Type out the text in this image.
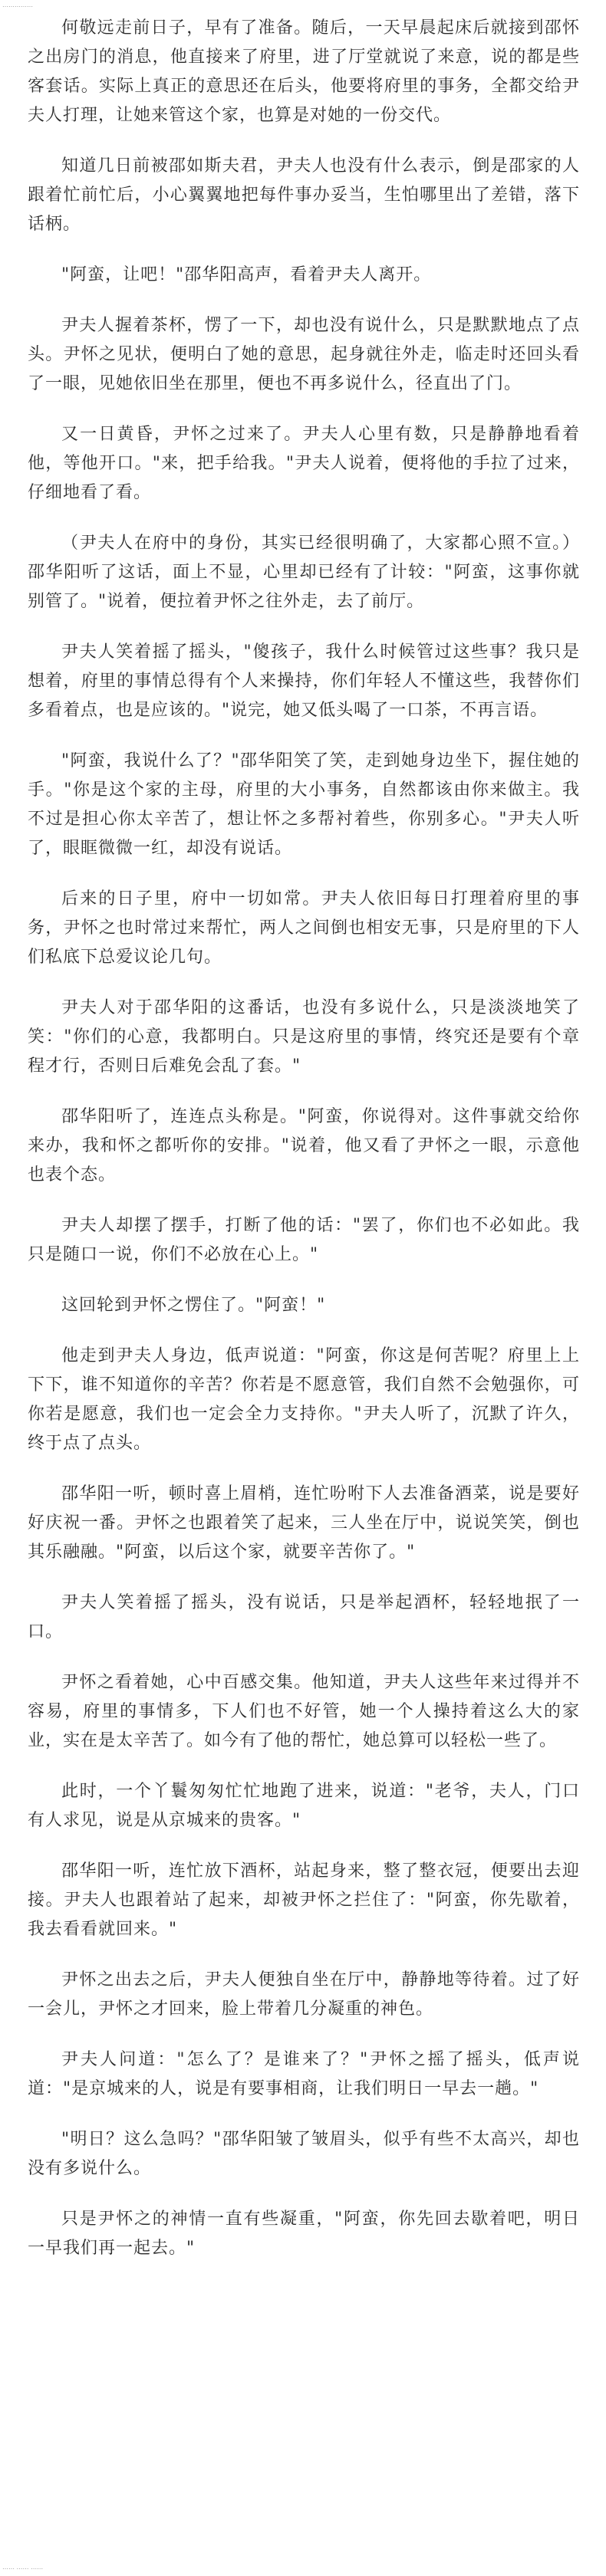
……………

何敬远走前日子，早有了准备。随后，一天早晨起床后就接到邵怀之出房门的消息，他直接来了府里，进了厅堂就说了来意，说的都是些客套话。实际上真正的意思还在后头，他要将府里的事务，全都交给尹夫人打理，让她来管这个家，也算是对她的一份交代。

知道几日前被邵如斯夫君，尹夫人也没有什么表示，倒是邵家的人跟着忙前忙后，小心翼翼地把每件事办妥当，生怕哪里出了差错，落下话柄。

"阿蛮，让吧！"邵华阳高声，看着尹夫人离开。

尹夫人握着茶杯，愣了一下，却也没有说什么，只是默默地点了点头。尹怀之见状，便明白了她的意思，起身就往外走，临走时还回头看了一眼，见她依旧坐在那里，便也不再多说什么，径直出了门。

又一日黄昏，尹怀之过来了。尹夫人心里有数，只是静静地看着他，等他开口。"来，把手给我。"尹夫人说着，便将他的手拉了过来，仔细地看了看。

（尹夫人在府中的身份，其实已经很明确了，大家都心照不宣。）邵华阳听了这话，面上不显，心里却已经有了计较："阿蛮，这事你就别管了。"说着，便拉着尹怀之往外走，去了前厅。

尹夫人笑着摇了摇头，"傻孩子，我什么时候管过这些事？我只是想着，府里的事情总得有个人来操持，你们年轻人不懂这些，我替你们多看着点，也是应该的。"说完，她又低头喝了一口茶，不再言语。

"阿蛮，我说什么了？"邵华阳笑了笑，走到她身边坐下，握住她的手。"你是这个家的主母，府里的大小事务，自然都该由你来做主。我不过是担心你太辛苦了，想让怀之多帮衬着些，你别多心。"尹夫人听了，眼眶微微一红，却没有说话。

后来的日子里，府中一切如常。尹夫人依旧每日打理着府里的事务，尹怀之也时常过来帮忙，两人之间倒也相安无事，只是府里的下人们私底下总爱议论几句。

尹夫人对于邵华阳的这番话，也没有多说什么，只是淡淡地笑了笑："你们的心意，我都明白。只是这府里的事情，终究还是要有个章程才行，否则日后难免会乱了套。"

邵华阳听了，连连点头称是。"阿蛮，你说得对。这件事就交给你来办，我和怀之都听你的安排。"说着，他又看了尹怀之一眼，示意他也表个态。

尹夫人却摆了摆手，打断了他的话："罢了，你们也不必如此。我只是随口一说，你们不必放在心上。"

这回轮到尹怀之愣住了。"阿蛮！"

他走到尹夫人身边，低声说道："阿蛮，你这是何苦呢？府里上上下下，谁不知道你的辛苦？你若是不愿意管，我们自然不会勉强你，可你若是愿意，我们也一定会全力支持你。"尹夫人听了，沉默了许久，终于点了点头。

邵华阳一听，顿时喜上眉梢，连忙吩咐下人去准备酒菜，说是要好好庆祝一番。尹怀之也跟着笑了起来，三人坐在厅中，说说笑笑，倒也其乐融融。"阿蛮，以后这个家，就要辛苦你了。"

尹夫人笑着摇了摇头，没有说话，只是举起酒杯，轻轻地抿了一口。

尹怀之看着她，心中百感交集。他知道，尹夫人这些年来过得并不容易，府里的事情多，下人们也不好管，她一个人操持着这么大的家业，实在是太辛苦了。如今有了他的帮忙，她总算可以轻松一些了。

此时，一个丫鬟匆匆忙忙地跑了进来，说道："老爷，夫人，门口有人求见，说是从京城来的贵客。"

邵华阳一听，连忙放下酒杯，站起身来，整了整衣冠，便要出去迎接。尹夫人也跟着站了起来，却被尹怀之拦住了："阿蛮，你先歇着，我去看看就回来。"

尹怀之出去之后，尹夫人便独自坐在厅中，静静地等待着。过了好一会儿，尹怀之才回来，脸上带着几分凝重的神色。

尹夫人问道："怎么了？是谁来了？"尹怀之摇了摇头，低声说道："是京城来的人，说是有要事相商，让我们明日一早去一趟。"

"明日？这么急吗？"邵华阳皱了皱眉头，似乎有些不太高兴，却也没有多说什么。

只是尹怀之的神情一直有些凝重，"阿蛮，你先回去歇着吧，明日一早我们再一起去。"

…… …… ……
